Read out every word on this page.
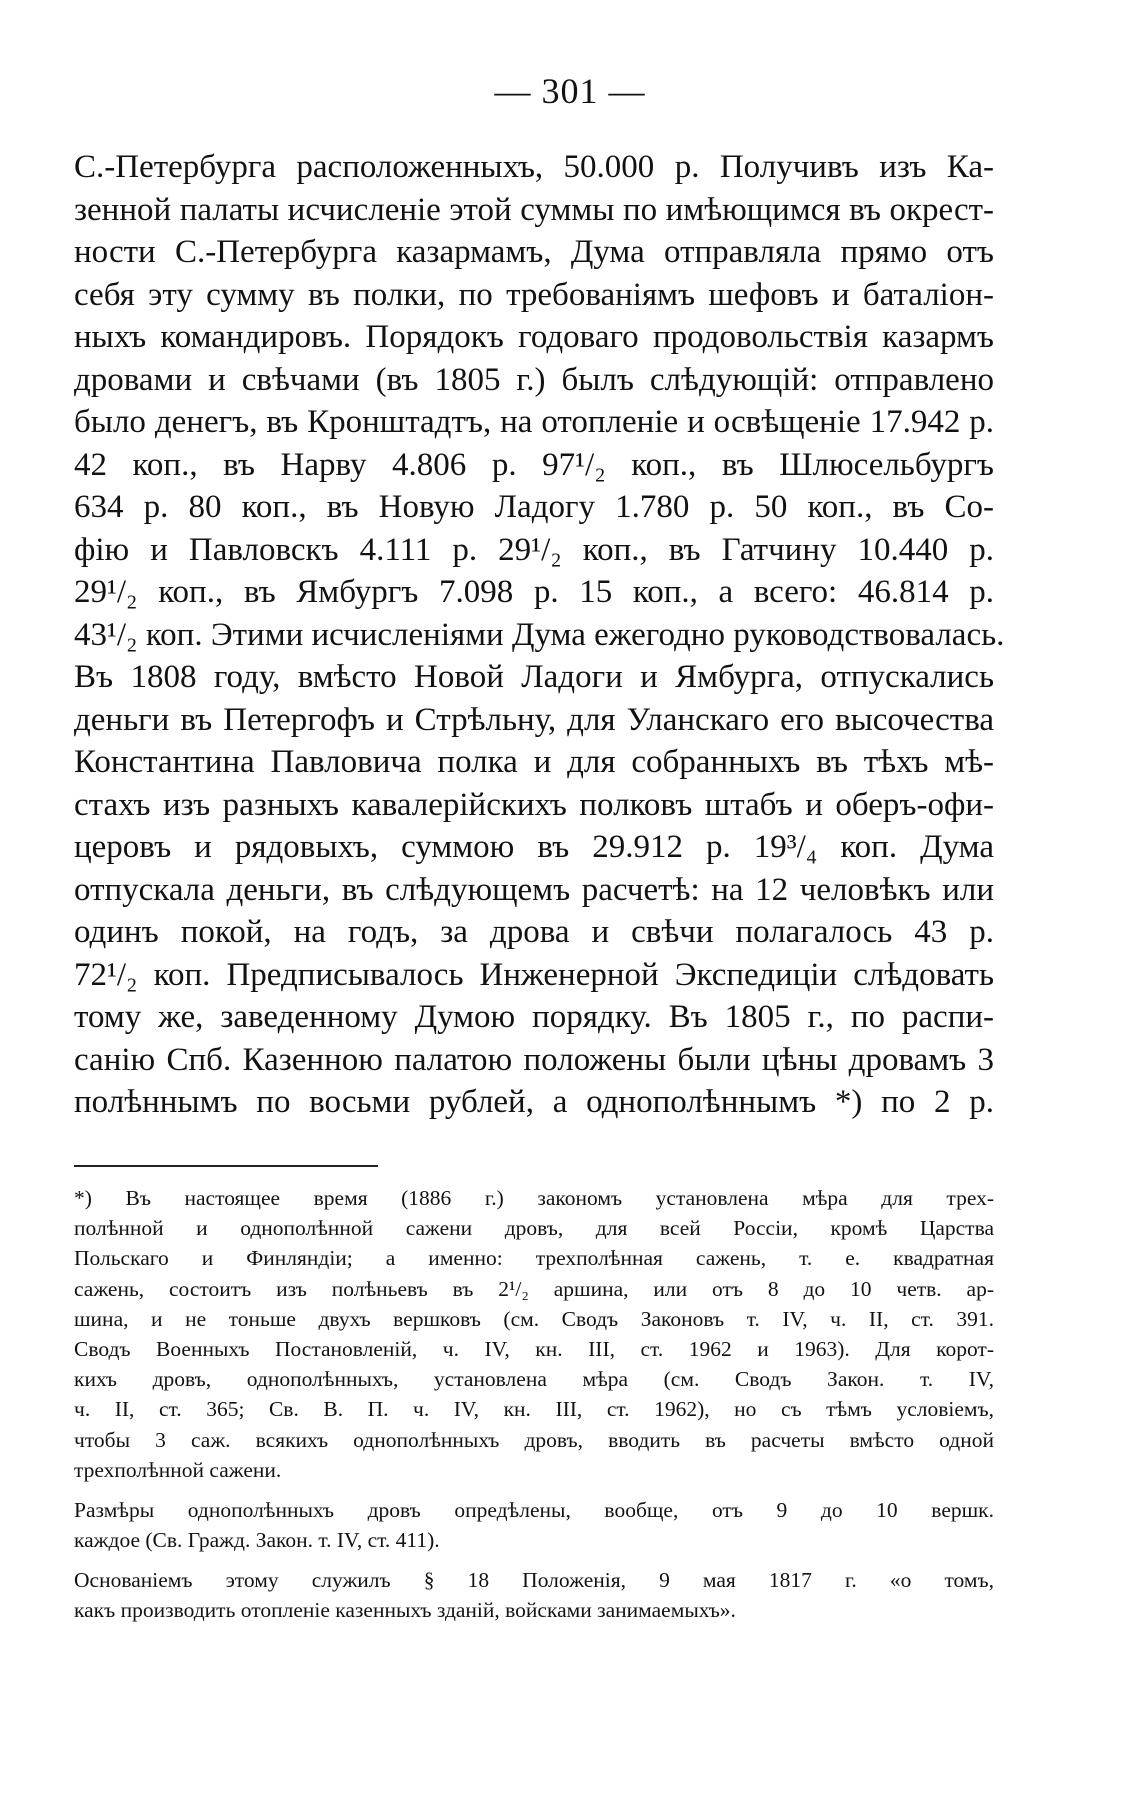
— 301 —
С.-Петербурга расположенныхъ, 50.000 р. Получивъ изъ Ка-
зенной палаты исчисленіе этой суммы по имѣющимся въ окрест-
ности С.-Петербурга казармамъ, Дума отправляла прямо отъ
себя эту сумму въ полки, по требованіямъ шефовъ и баталіон-
ныхъ командировъ. Порядокъ годоваго продовольствія казармъ
дровами и свѣчами (въ 1805 г.) былъ слѣдующій: отправлено
было денегъ, въ Кронштадтъ, на отопленіе и освѣщеніе 17.942 р.
42 коп., въ Нарву 4.806 р. 97¹/₂ коп., въ Шлюсельбургъ
634 р. 80 коп., въ Новую Ладогу 1.780 р. 50 коп., въ Со-
фію и Павловскъ 4.111 р. 29¹/₂ коп., въ Гатчину 10.440 р.
29¹/₂ коп., въ Ямбургъ 7.098 р. 15 коп., а всего: 46.814 р.
43¹/₂ коп. Этими исчисленіями Дума ежегодно руководствовалась.
Въ 1808 году, вмѣсто Новой Ладоги и Ямбурга, отпускались
деньги въ Петергофъ и Стрѣльну, для Уланскаго его высочества
Константина Павловича полка и для собранныхъ въ тѣхъ мѣ-
стахъ изъ разныхъ кавалерійскихъ полковъ штабъ и оберъ-офи-
церовъ и рядовыхъ, суммою въ 29.912 р. 19³/₄ коп. Дума
отпускала деньги, въ слѣдующемъ расчетѣ: на 12 человѣкъ или
одинъ покой, на годъ, за дрова и свѣчи полагалось 43 р.
72¹/₂ коп. Предписывалось Инженерной Экспедиціи слѣдовать
тому же, заведенному Думою порядку. Въ 1805 г., по распи-
санію Спб. Казенною палатою положены были цѣны дровамъ 3
полѣннымъ по восьми рублей, а однополѣннымъ *) по 2 р.
*) Въ настоящее время (1886 г.) закономъ установлена мѣра для трех-
полѣнной и однополѣнной сажени дровъ, для всей Россіи, кромѣ Царства
Польскаго и Финляндіи; а именно: трехполѣнная сажень, т. е. квадратная
сажень, состоитъ изъ полѣньевъ въ 2¹/₂ аршина, или отъ 8 до 10 четв. ар-
шина, и не тоньше двухъ вершковъ (см. Сводъ Законовъ т. IV, ч. II, ст. 391.
Сводъ Военныхъ Постановленій, ч. IV, кн. III, ст. 1962 и 1963). Для корот-
кихъ дровъ, однополѣнныхъ, установлена мѣра (см. Сводъ Закон. т. IV,
ч. II, ст. 365; Св. В. П. ч. IV, кн. III, ст. 1962), но съ тѣмъ условіемъ,
чтобы 3 саж. всякихъ однополѣнныхъ дровъ, вводить въ расчеты вмѣсто одной
трехполѣнной сажени.
Размѣры однополѣнныхъ дровъ опредѣлены, вообще, отъ 9 до 10 вершк.
каждое (Св. Гражд. Закон. т. IV, ст. 411).
Основаніемъ этому служилъ § 18 Положенія, 9 мая 1817 г. «о томъ,
какъ производить отопленіе казенныхъ зданій, войсками занимаемыхъ».
